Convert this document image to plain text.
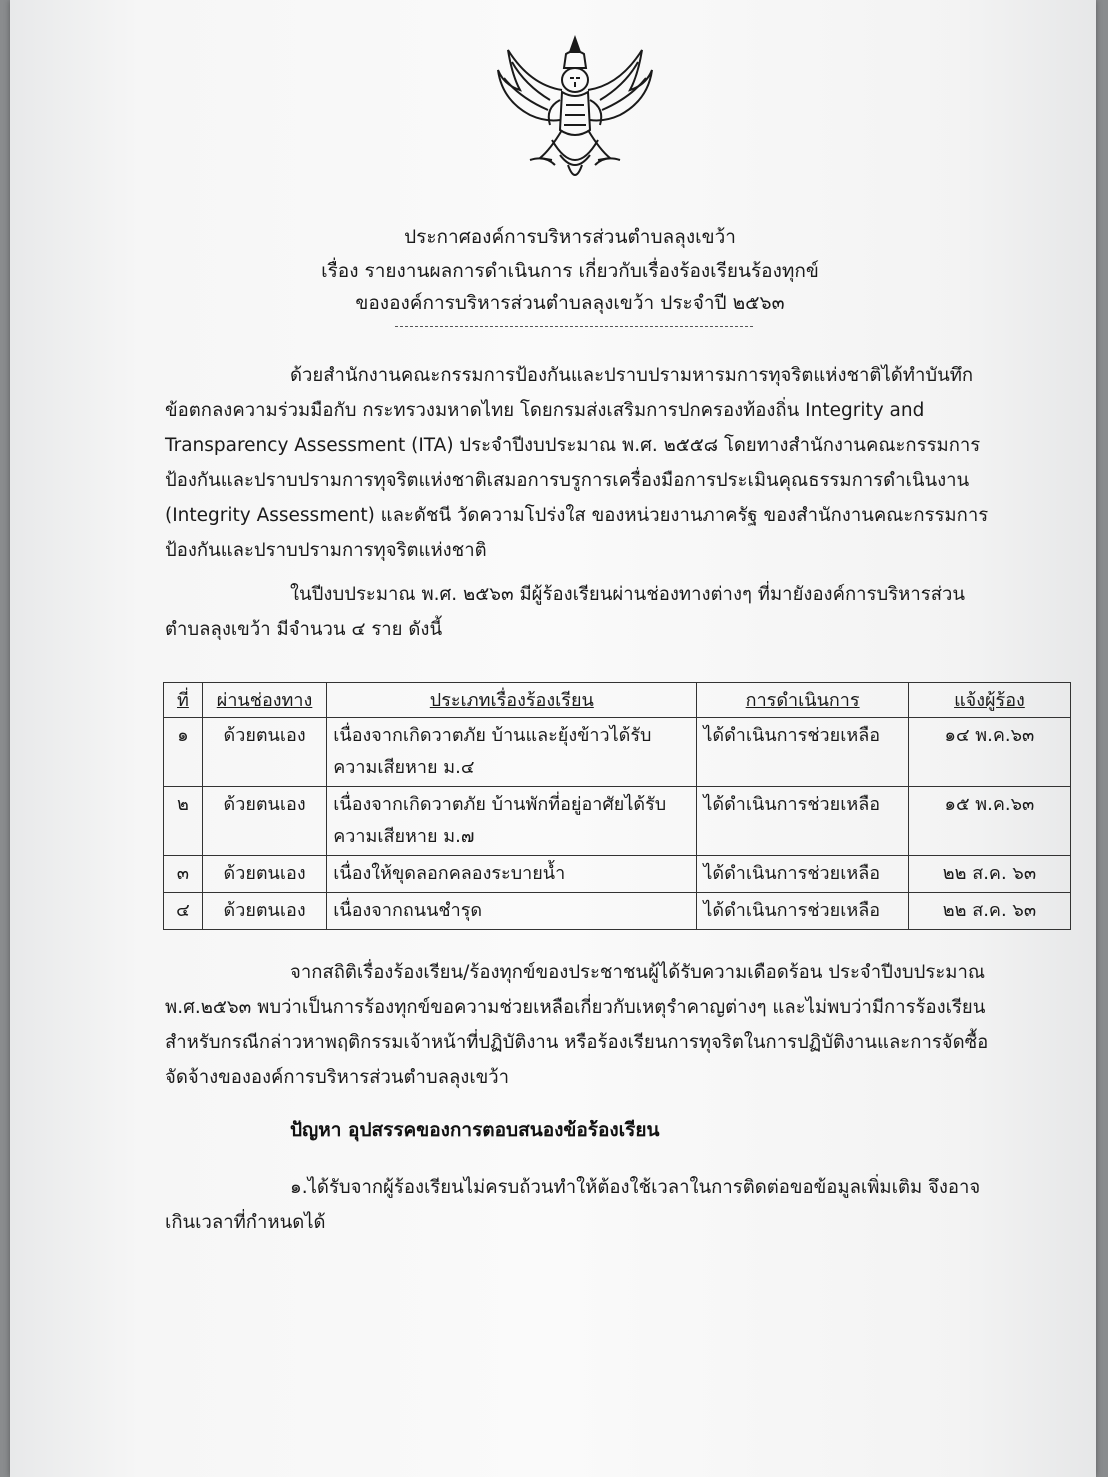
ประกาศองค์การบริหารส่วนตำบลลุงเขว้า
เรื่อง รายงานผลการดำเนินการ เกี่ยวกับเรื่องร้องเรียนร้องทุกข์
ขององค์การบริหารส่วนตำบลลุงเขว้า ประจำปี ๒๕๖๓
ด้วยสำนักงานคณะกรรมการป้องกันและปราบปรามหารมการทุจริตแห่งชาติได้ทำบันทึกข้อตกลงความร่วมมือกับ กระทรวงมหาดไทย โดยกรมส่งเสริมการปกครองท้องถิ่น Integrity and Transparency Assessment (ITA) ประจำปีงบประมาณ พ.ศ. ๒๕๕๘ โดยทางสำนักงานคณะกรรมการป้องกันและปราบปรามการทุจริตแห่งชาติเสมอการบรูการเครื่องมือการประเมินคุณธรรมการดำเนินงาน (Integrity Assessment) และดัชนี วัดความโปร่งใส ของหน่วยงานภาครัฐ ของสำนักงานคณะกรรมการป้องกันและปราบปรามการทุจริตแห่งชาติ
ในปีงบประมาณ พ.ศ. ๒๕๖๓ มีผู้ร้องเรียนผ่านช่องทางต่างๆ ที่มายังองค์การบริหารส่วนตำบลลุงเขว้า มีจำนวน ๔ ราย ดังนี้
ที่	ผ่านช่องทาง	ประเภทเรื่องร้องเรียน	การดำเนินการ	แจ้งผู้ร้อง
๑	ด้วยตนเอง	เนื่องจากเกิดวาตภัย บ้านและยุ้งข้าวได้รับความเสียหาย ม.๔	ได้ดำเนินการช่วยเหลือ	๑๔ พ.ค.๖๓
๒	ด้วยตนเอง	เนื่องจากเกิดวาตภัย บ้านพักที่อยู่อาศัยได้รับความเสียหาย ม.๗	ได้ดำเนินการช่วยเหลือ	๑๕ พ.ค.๖๓
๓	ด้วยตนเอง	เนื่องให้ขุดลอกคลองระบายน้ำ	ได้ดำเนินการช่วยเหลือ	๒๒ ส.ค. ๖๓
๔	ด้วยตนเอง	เนื่องจากถนนชำรุด	ได้ดำเนินการช่วยเหลือ	๒๒ ส.ค. ๖๓
จากสถิติเรื่องร้องเรียน/ร้องทุกข์ของประชาชนผู้ได้รับความเดือดร้อน ประจำปีงบประมาณ พ.ศ.๒๕๖๓ พบว่าเป็นการร้องทุกข์ขอความช่วยเหลือเกี่ยวกับเหตุรำคาญต่างๆ และไม่พบว่ามีการร้องเรียนสำหรับกรณีกล่าวหาพฤติกรรมเจ้าหน้าที่ปฏิบัติงาน หรือร้องเรียนการทุจริตในการปฏิบัติงานและการจัดซื้อจัดจ้างขององค์การบริหารส่วนตำบลลุงเขว้า
ปัญหา อุปสรรคของการตอบสนองข้อร้องเรียน
๑.ได้รับจากผู้ร้องเรียนไม่ครบถ้วนทำให้ต้องใช้เวลาในการติดต่อขอข้อมูลเพิ่มเติม จึงอาจเกินเวลาที่กำหนดได้
